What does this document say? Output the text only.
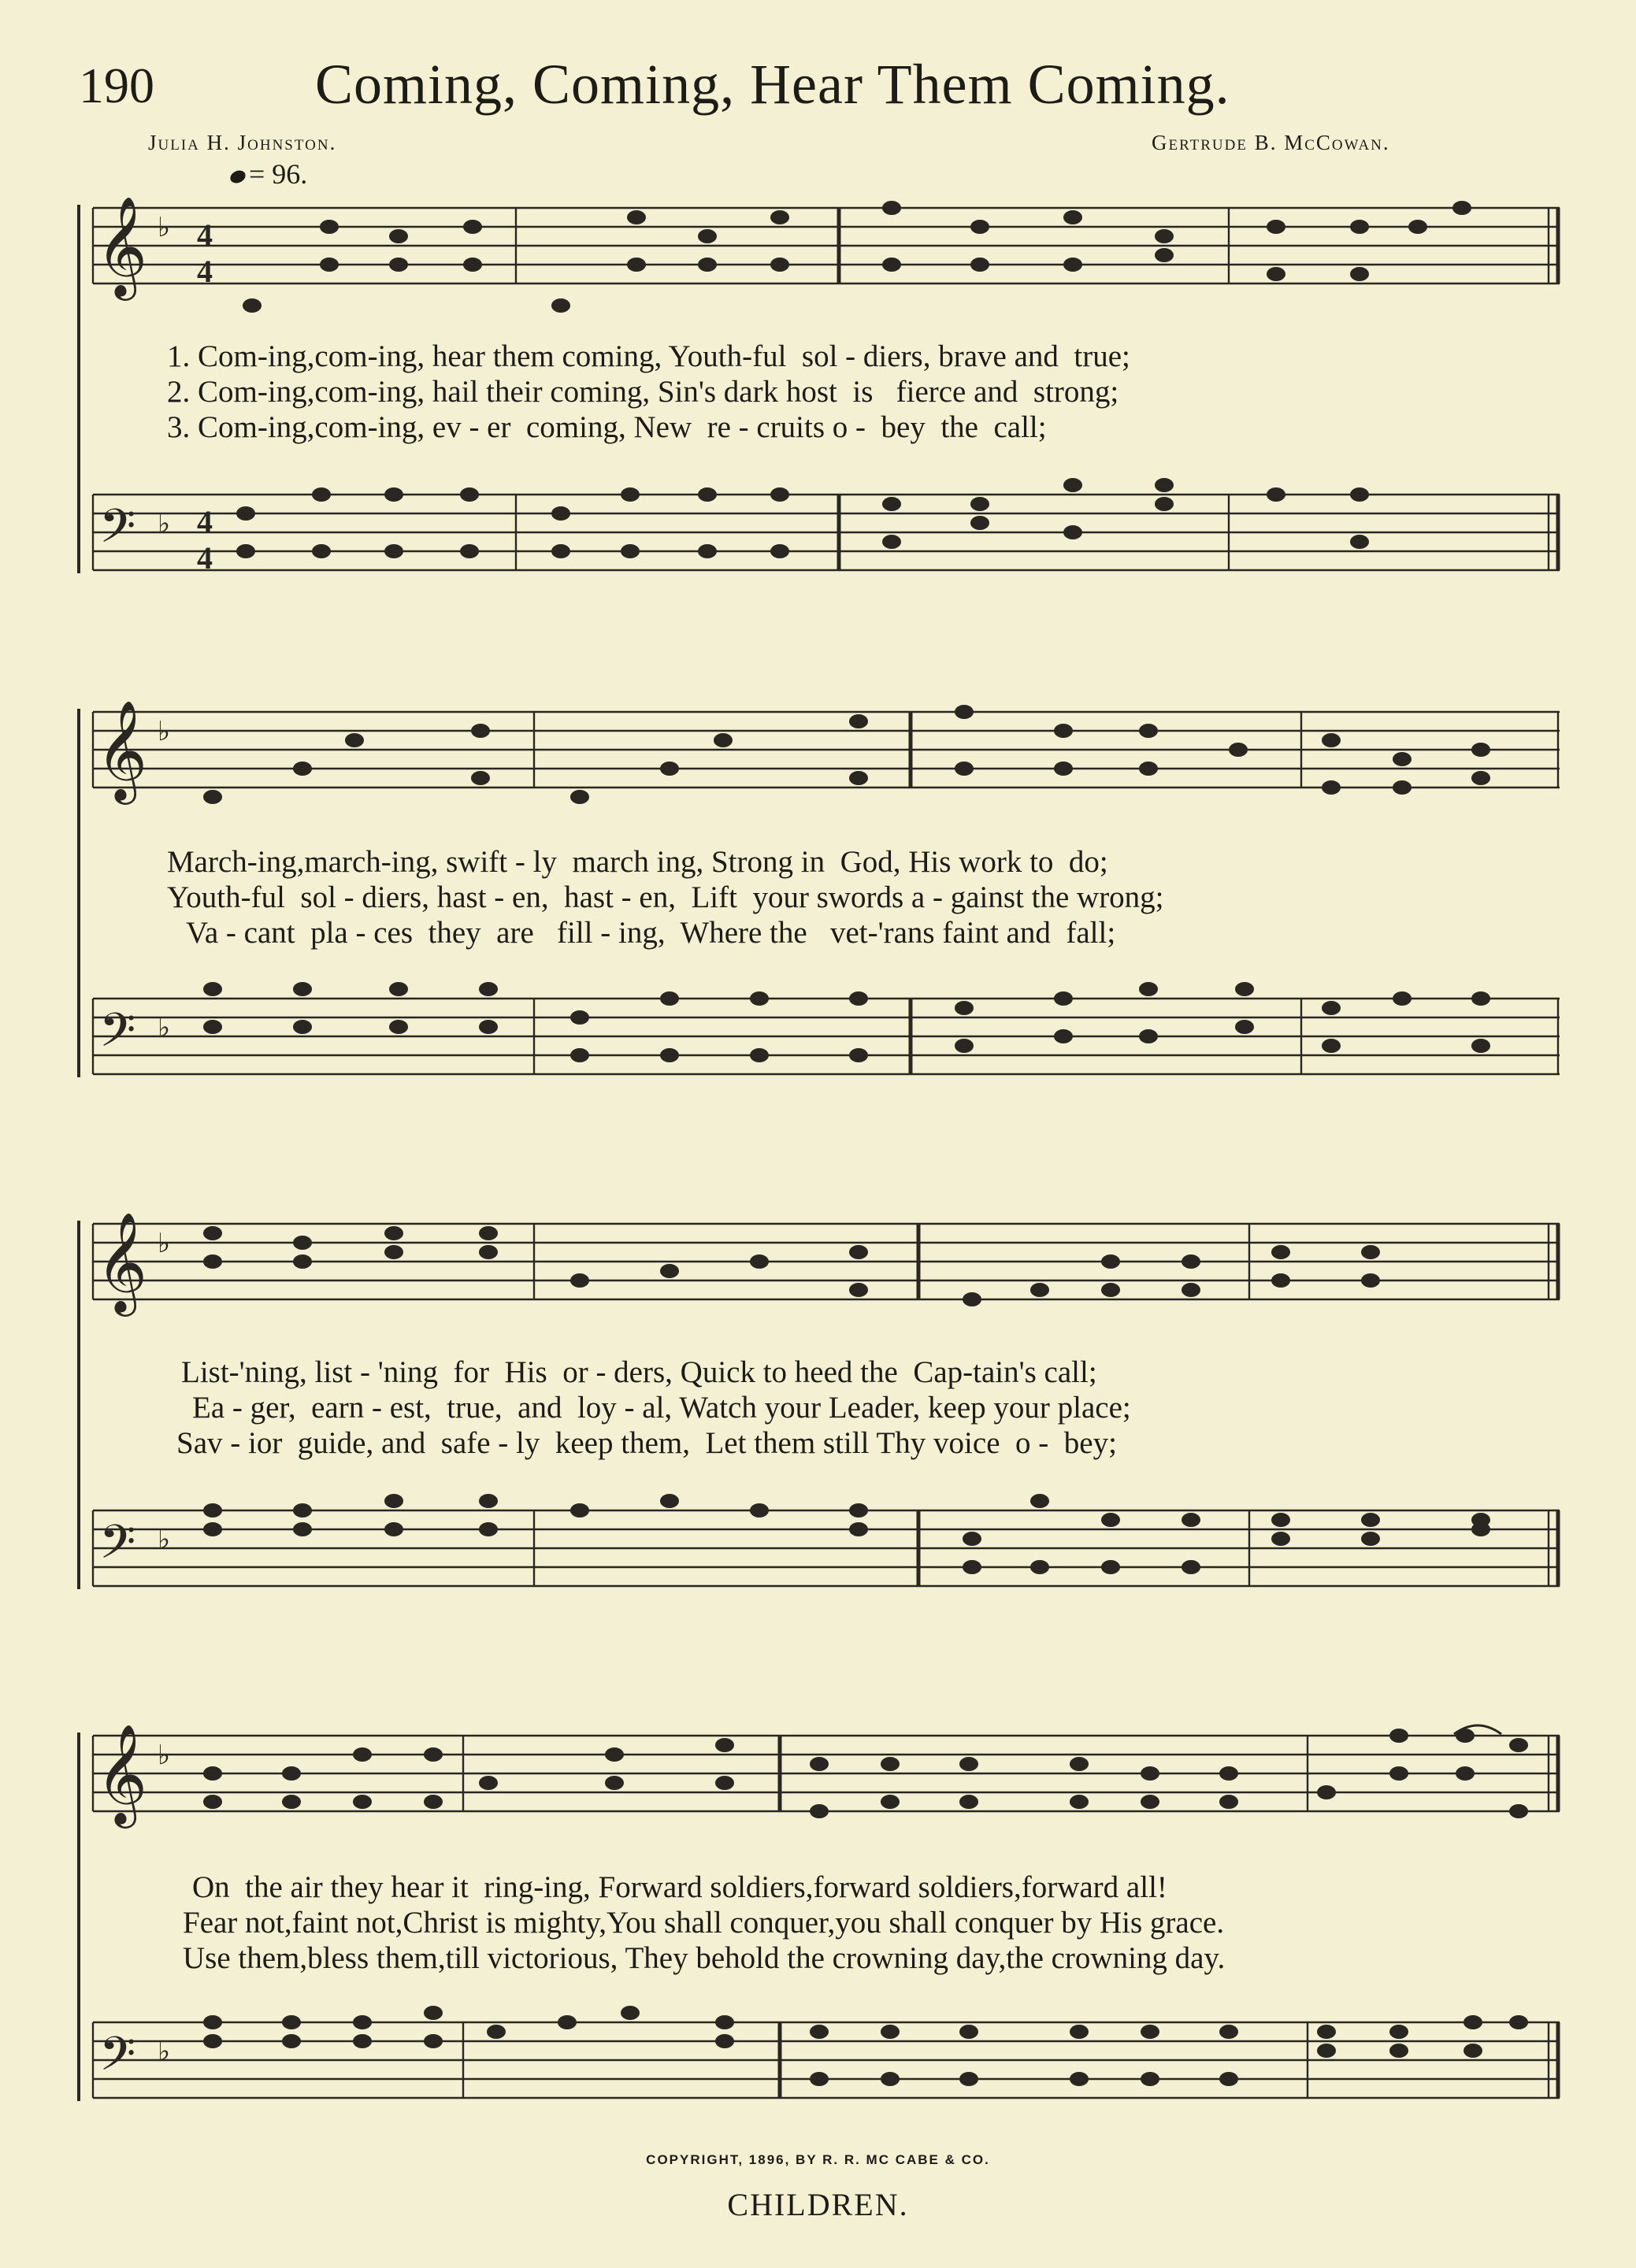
190	Coming, Coming, Hear Them Coming.
Julia H. Johnston.	Gertrude B. McCowan.
= 96.
𝄞
𝄢
♭
♭
4
4
4
4
1. Com-ing,com-ing, hear them coming, Youth-ful  sol - diers, brave and  true;
2. Com-ing,com-ing, hail their coming, Sin's dark host  is   fierce and  strong;
3. Com-ing,com-ing, ev - er  coming, New  re - cruits o -  bey  the  call;
𝄞
𝄢
♭
♭
March-ing,march-ing, swift - ly  march ing, Strong in  God, His work to  do;
Youth-ful  sol - diers, hast - en,  hast - en,  Lift  your swords a - gainst the wrong;
Va - cant  pla - ces  they  are   fill - ing,  Where the   vet-'rans faint and  fall;
𝄞
𝄢
♭
♭
List-'ning, list - 'ning  for  His  or - ders, Quick to heed the  Cap-tain's call;
Ea - ger,  earn - est,  true,  and  loy - al, Watch your Leader, keep your place;
Sav - ior  guide, and  safe - ly  keep them,  Let them still Thy voice  o -  bey;
𝄞
𝄢
♭
♭
On  the air they hear it  ring-ing, Forward soldiers,forward soldiers,forward all!
Fear not,faint not,Christ is mighty,You shall conquer,you shall conquer by His grace.
Use them,bless them,till victorious, They behold the crowning day,the crowning day.
COPYRIGHT, 1896, BY R. R. MC CABE & CO.
CHILDREN.
